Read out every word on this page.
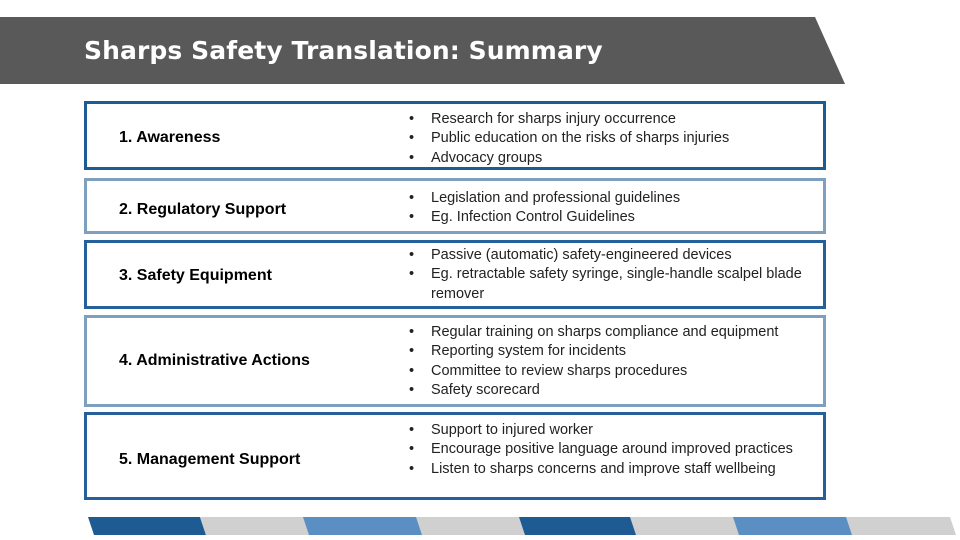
Sharps Safety Translation: Summary
1. Awareness
• Research for sharps injury occurrence
• Public education on the risks of sharps injuries
• Advocacy groups
2. Regulatory Support
• Legislation and professional guidelines
• Eg. Infection Control Guidelines
3. Safety Equipment
• Passive (automatic) safety-engineered devices
• Eg. retractable safety syringe, single-handle scalpel blade remover
4. Administrative Actions
• Regular training on sharps compliance and equipment
• Reporting system for incidents
• Committee to review sharps procedures
• Safety scorecard
5. Management Support
• Support to injured worker
• Encourage positive language around improved practices
• Listen to sharps concerns and improve staff wellbeing
